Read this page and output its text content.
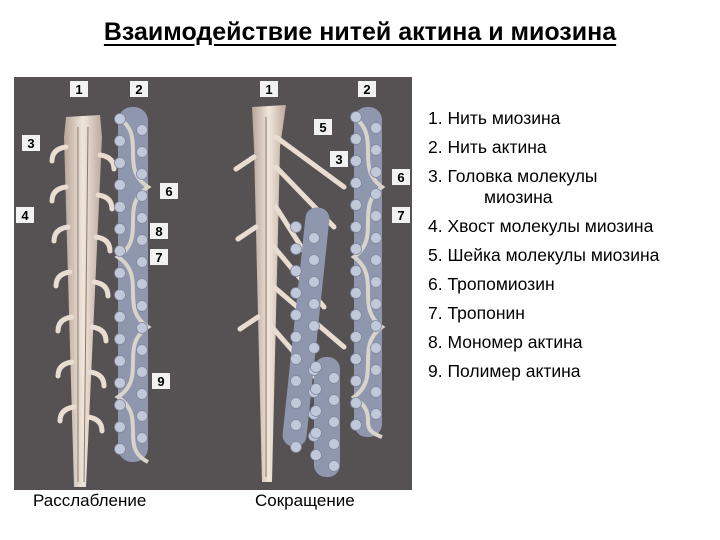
Взаимодействие нитей актина и миозина
1	2	1	2
3
4
6
8
7
9
5
3
6
7
Расслабление	Сокращение
1. Нить миозина
2. Нить актина
3. Головка молекулы
миозина
4. Хвост молекулы миозина
5. Шейка молекулы миозина
6. Тропомиозин
7. Тропонин
8. Мономер актина
9. Полимер актина
